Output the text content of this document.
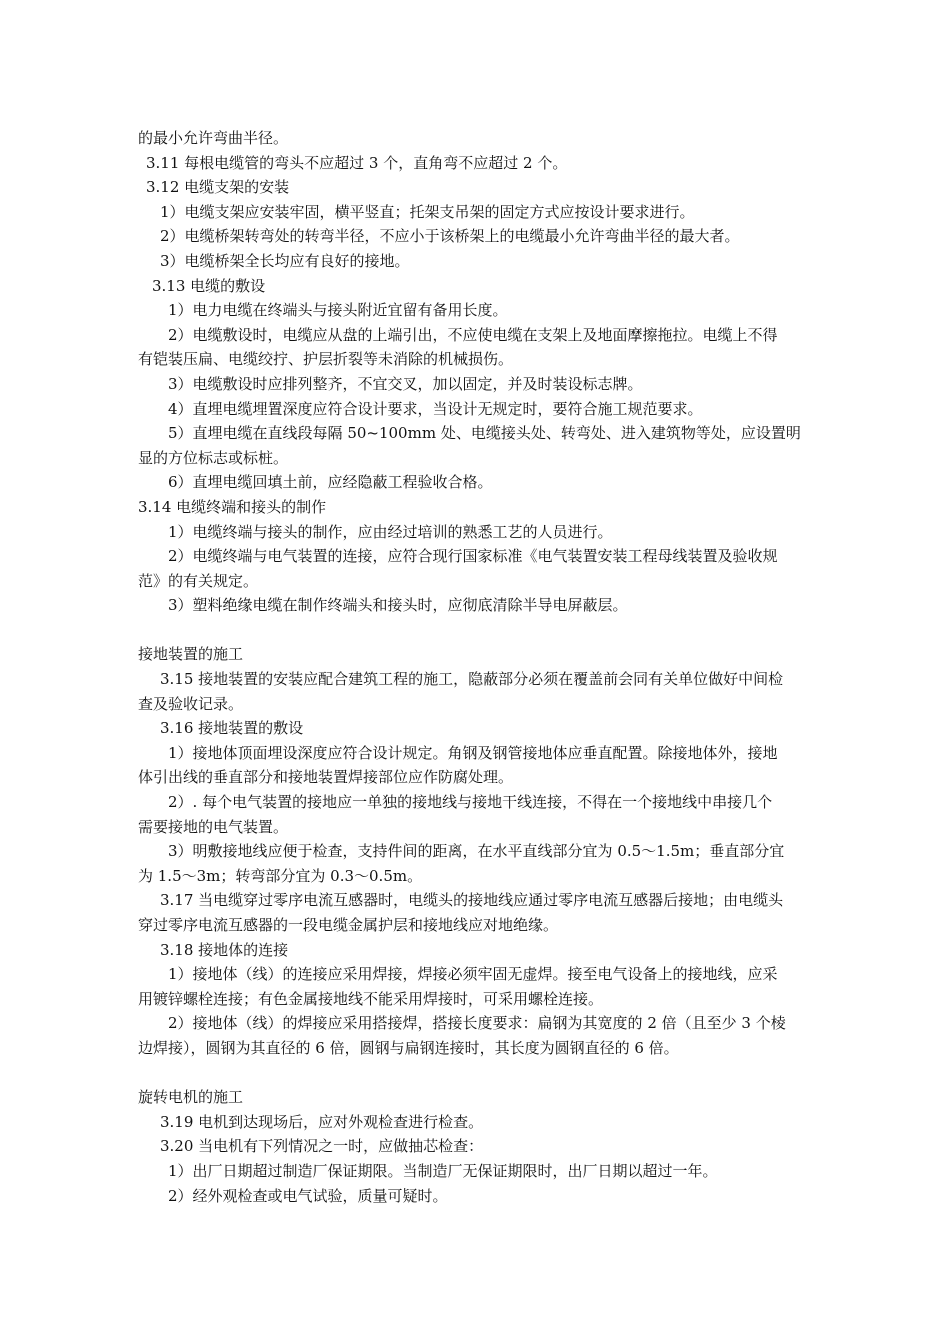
的最小允许弯曲半径。
3.11 每根电缆管的弯头不应超过 3 个，直角弯不应超过 2 个。
3.12 电缆支架的安装
1）电缆支架应安装牢固，横平竖直；托架支吊架的固定方式应按设计要求进行。
2）电缆桥架转弯处的转弯半径，不应小于该桥架上的电缆最小允许弯曲半径的最大者。
3）电缆桥架全长均应有良好的接地。
3.13 电缆的敷设
1）电力电缆在终端头与接头附近宜留有备用长度。
2）电缆敷设时，电缆应从盘的上端引出，不应使电缆在支架上及地面摩擦拖拉。电缆上不得
有铠装压扁、电缆绞拧、护层折裂等未消除的机械损伤。
3）电缆敷设时应排列整齐，不宜交叉，加以固定，并及时装设标志牌。
4）直埋电缆埋置深度应符合设计要求，当设计无规定时，要符合施工规范要求。
5）直埋电缆在直线段每隔 50~100mm 处、电缆接头处、转弯处、进入建筑物等处，应设置明
显的方位标志或标桩。
6）直埋电缆回填土前，应经隐蔽工程验收合格。
3.14 电缆终端和接头的制作
1）电缆终端与接头的制作，应由经过培训的熟悉工艺的人员进行。
2）电缆终端与电气装置的连接，应符合现行国家标准《电气装置安装工程母线装置及验收规
范》的有关规定。
3）塑料绝缘电缆在制作终端头和接头时，应彻底清除半导电屏蔽层。
接地装置的施工
3.15 接地装置的安装应配合建筑工程的施工，隐蔽部分必须在覆盖前会同有关单位做好中间检
查及验收记录。
3.16 接地装置的敷设
1）接地体顶面埋设深度应符合设计规定。角钢及钢管接地体应垂直配置。除接地体外，接地
体引出线的垂直部分和接地装置焊接部位应作防腐处理。
2）. 每个电气装置的接地应一单独的接地线与接地干线连接，不得在一个接地线中串接几个
需要接地的电气装置。
3）明敷接地线应便于检查，支持件间的距离，在水平直线部分宜为 0.5～1.5m；垂直部分宜
为 1.5～3m；转弯部分宜为 0.3～0.5m。
3.17 当电缆穿过零序电流互感器时，电缆头的接地线应通过零序电流互感器后接地；由电缆头
穿过零序电流互感器的一段电缆金属护层和接地线应对地绝缘。
3.18 接地体的连接
1）接地体（线）的连接应采用焊接，焊接必须牢固无虚焊。接至电气设备上的接地线，应采
用镀锌螺栓连接；有色金属接地线不能采用焊接时，可采用螺栓连接。
2）接地体（线）的焊接应采用搭接焊，搭接长度要求：扁钢为其宽度的 2 倍（且至少 3 个棱
边焊接），圆钢为其直径的 6 倍，圆钢与扁钢连接时，其长度为圆钢直径的 6 倍。
旋转电机的施工
3.19 电机到达现场后，应对外观检查进行检查。
3.20 当电机有下列情况之一时，应做抽芯检查：
1）出厂日期超过制造厂保证期限。当制造厂无保证期限时，出厂日期以超过一年。
2）经外观检查或电气试验，质量可疑时。
